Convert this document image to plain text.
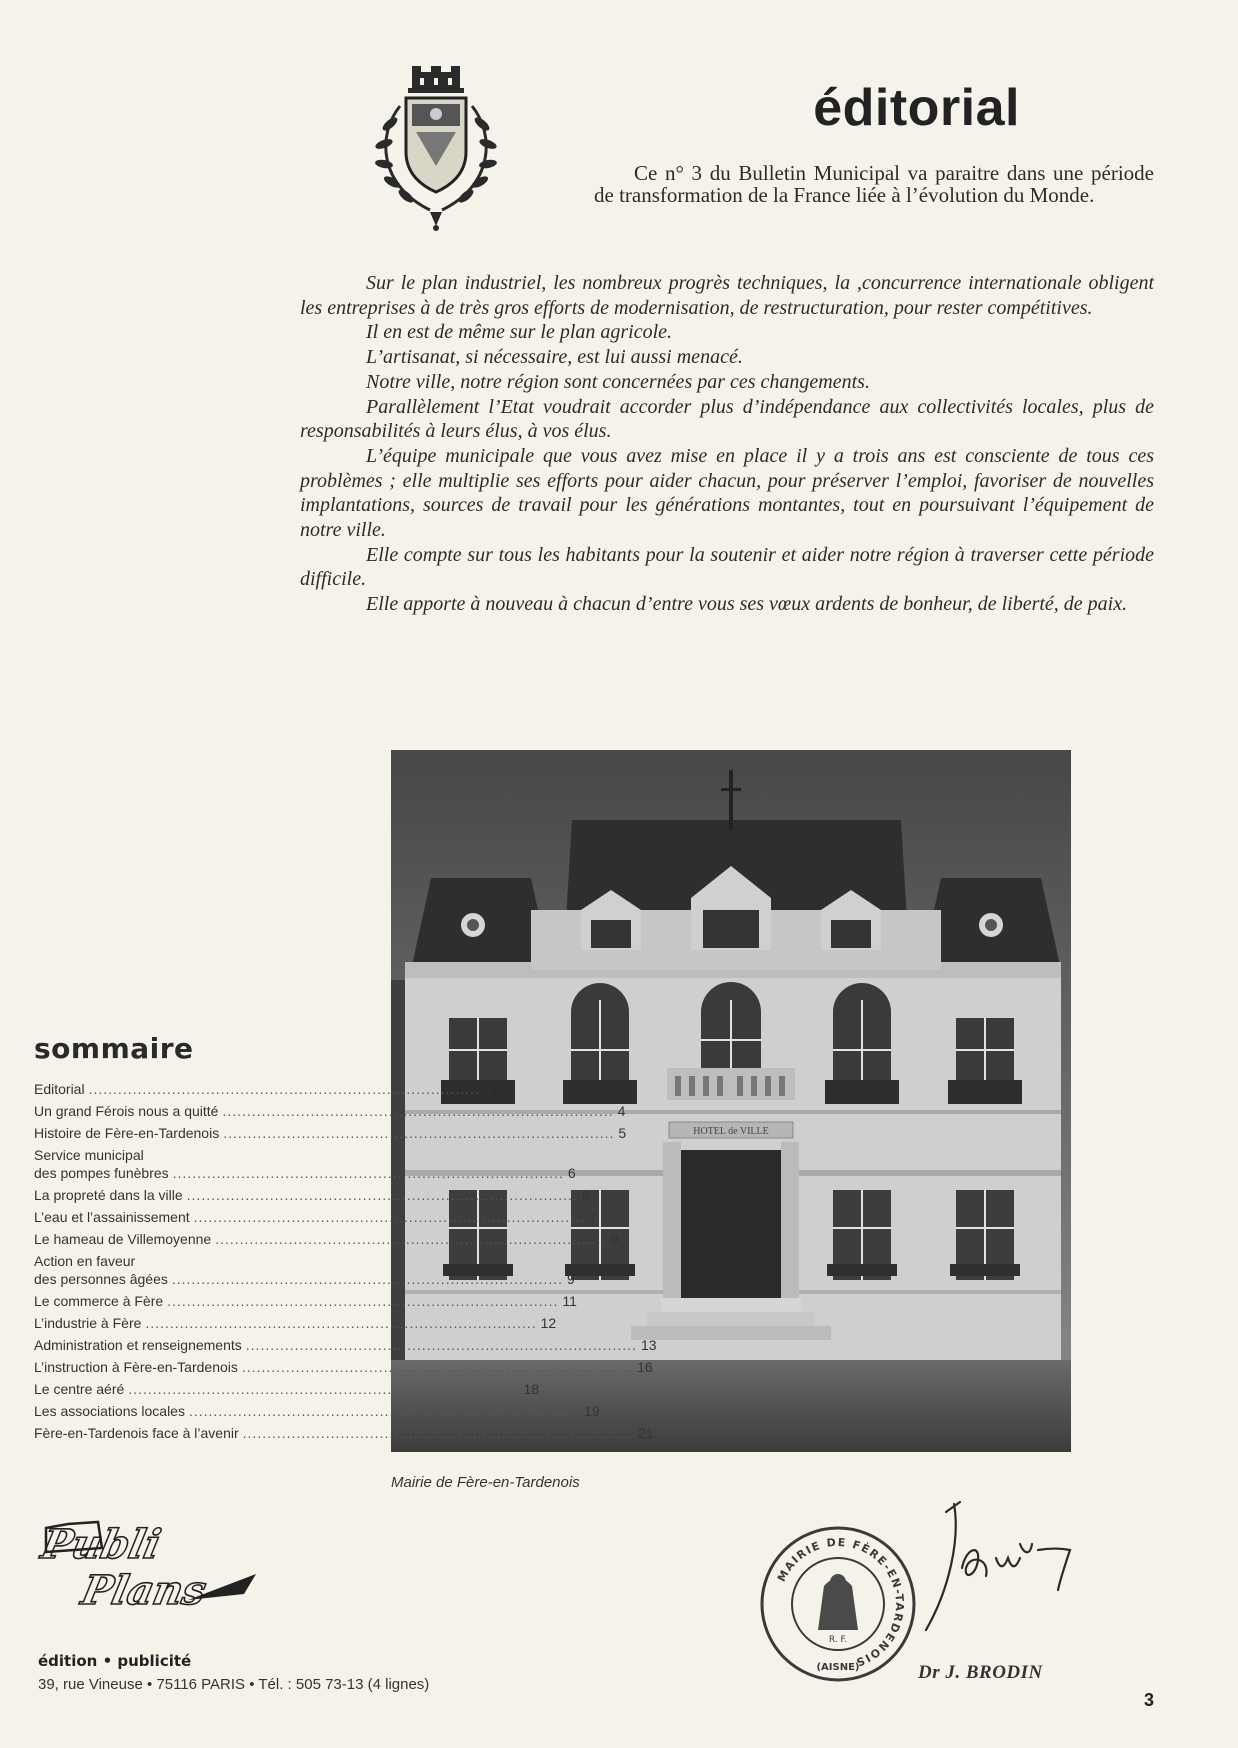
éditorial

Ce n° 3 du Bulletin Municipal va paraitre dans une période de transformation de la France liée à l’évolution du Monde.

Sur le plan industriel, les nombreux progrès techniques, la ,concurrence internationale obligent les entreprises à de très gros efforts de modernisation, de restructuration, pour rester compétitives.

Il en est de même sur le plan agricole.

L’artisanat, si nécessaire, est lui aussi menacé.

Notre ville, notre région sont concernées par ces changements.

Parallèlement l’Etat voudrait accorder plus d’indépendance aux collectivités locales, plus de responsabilités à leurs élus, à vos élus.

L’équipe municipale que vous avez mise en place il y a trois ans est consciente de tous ces problèmes ; elle multiplie ses efforts pour aider chacun, pour préserver l’emploi, favoriser de nouvelles implantations, sources de travail pour les générations montantes, tout en poursuivant l’équipement de notre ville.

Elle compte sur tous les habitants pour la soutenir et aider notre région à traverser cette période difficile.

Elle apporte à nouveau à chacun d’entre vous ses vœux ardents de bonheur, de liberté, de paix.

HOTEL de VILLE
Mairie de Fère-en-Tardenois
sommaire
Editorial ................................................................................ 3
Un grand Férois nous a quitté ................................................................................ 4
Histoire de Fère-en-Tardenois ................................................................................ 5
Service municipal
des pompes funèbres ................................................................................ 6
La propreté dans la ville ................................................................................ 6
L’eau et l’assainissement ................................................................................ 7
Le hameau de Villemoyenne ................................................................................ 9
Action en faveur
des personnes âgées ................................................................................ 9
Le commerce à Fère ................................................................................ 11
L’industrie à Fère ................................................................................ 12
Administration et renseignements ................................................................................ 13
L’instruction à Fère-en-Tardenois ................................................................................ 16
Le centre aéré ................................................................................ 18
Les associations locales ................................................................................ 19
Fère-en-Tardenois face à l’avenir ................................................................................ 21
Publi
Plans
édition • publicité
39, rue Vineuse • 75116 PARIS • Tél. : 505 73-13 (4 lignes)
MAIRIE DE FÈRE-EN-TARDENOIS
R. F.
(AISNE)	Dr J. BRODIN
3
